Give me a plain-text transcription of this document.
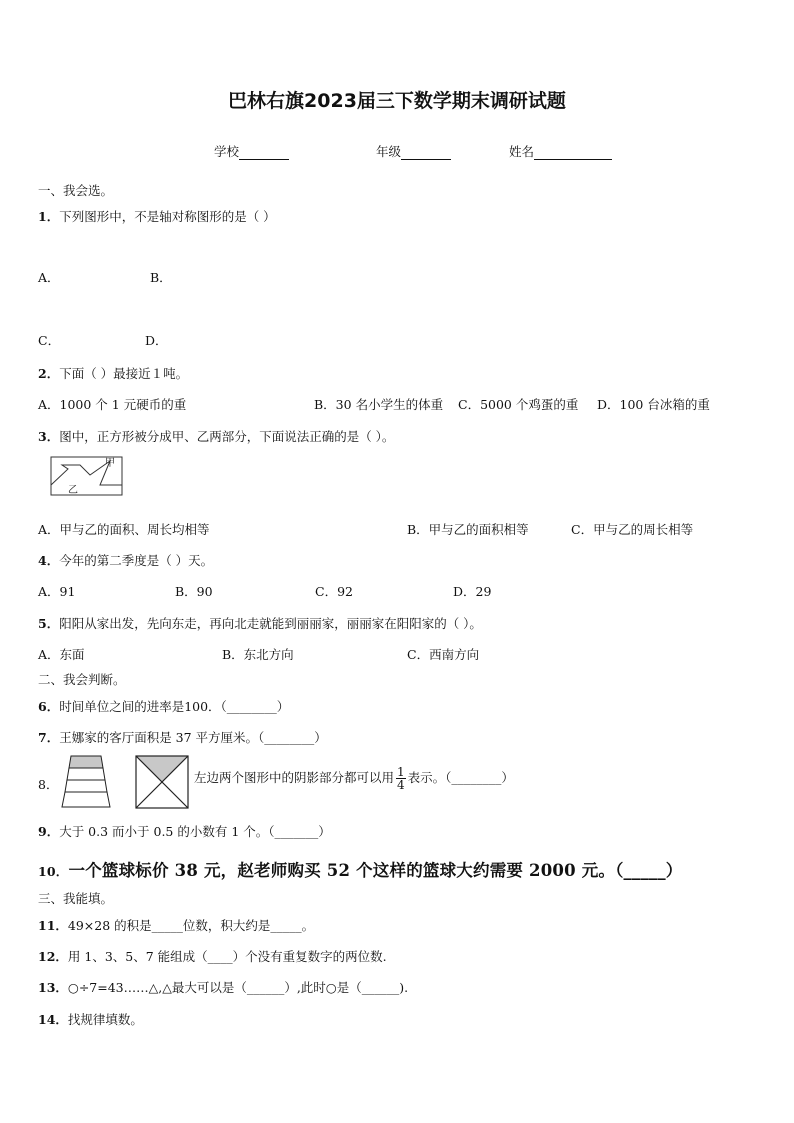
巴林右旗2023届三下数学期末调研试题
学校	年级	姓名
一、我会选。
1．下列图形中，不是轴对称图形的是（ ）
A．	B．
C．	D．
2．下面（ ）最接近１吨。
A．1000 个 1 元硬币的重	B．30 名小学生的体重 C．5000 个鸡蛋的重 D．100 台冰箱的重
3．图中，正方形被分成甲、乙两部分，下面说法正确的是（ ）。
甲
乙
A．甲与乙的面积、周长均相等	B．甲与乙的面积相等	C．甲与乙的周长相等
4．今年的第二季度是（ ）天。
A．91	B．90	C．92	D．29
5．阳阳从家出发，先向东走，再向北走就能到丽丽家，丽丽家在阳阳家的（ ）。
A．东面	B．东北方向	C．西南方向
二、我会判断。
6．时间单位之间的进率是100．（________）
7．王娜家的客厅面积是 37 平方厘米。（________）
8．	左边两个图形中的阴影部分都可以用 $\frac{1}{4}$ 表示。（________）
9．大于 0.3 而小于 0.5 的小数有 1 个。（_______）
10．一个篮球标价 38 元，赵老师购买 52 个这样的篮球大约需要 2000 元。（_____）
三、我能填。
11．49×28 的积是_____位数，积大约是_____。
12．用 1、3、5、7 能组成（____）个没有重复数字的两位数.
13．○÷7=43……△,△最大可以是（______）,此时○是（______).
14．找规律填数。
